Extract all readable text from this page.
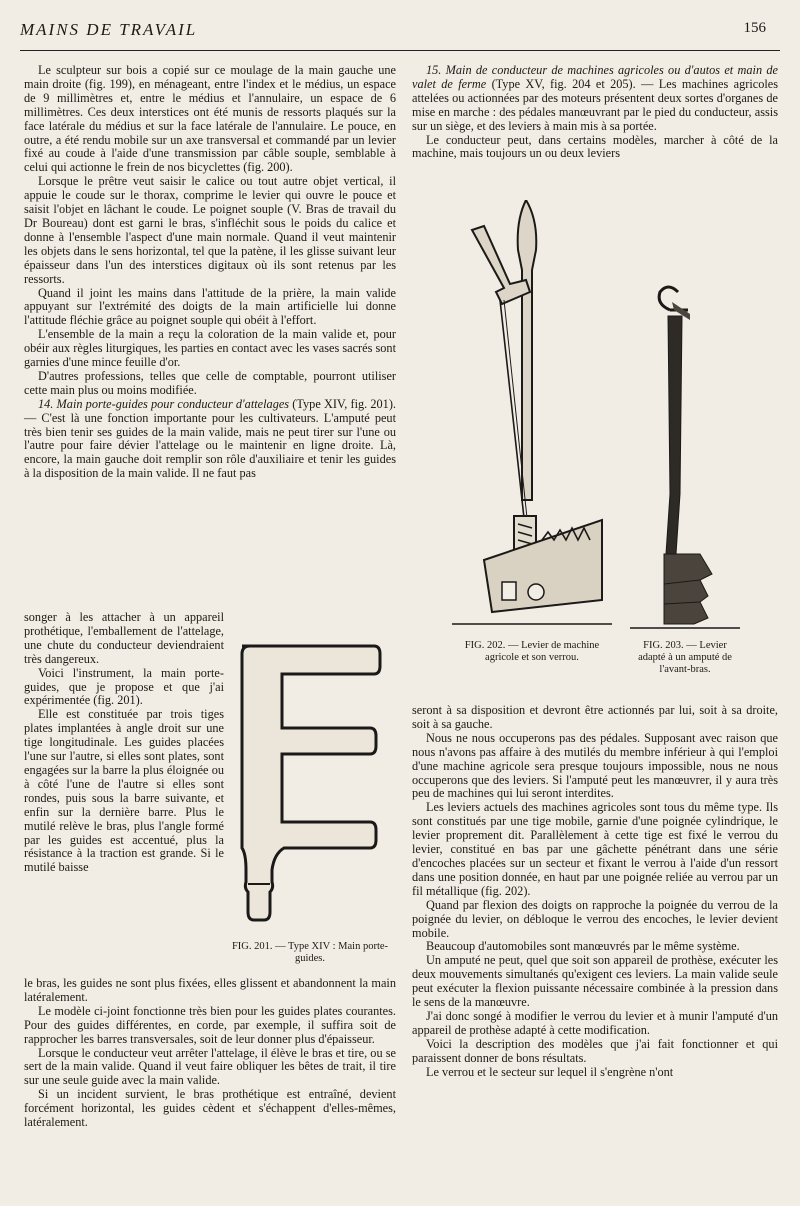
MAINS DE TRAVAIL	156

Le sculpteur sur bois a copié sur ce moulage de la main gauche une main droite (fig. 199), en ménageant, entre l'index et le médius, un espace de 9 millimètres et, entre le médius et l'annulaire, un espace de 6 millimètres. Ces deux interstices ont été munis de ressorts plaqués sur la face latérale du médius et sur la face latérale de l'annulaire. Le pouce, en outre, a été rendu mobile sur un axe transversal et commandé par un levier fixé au coude à l'aide d'une transmission par câble souple, semblable à celui qui actionne le frein de nos bicyclettes (fig. 200).

Lorsque le prêtre veut saisir le calice ou tout autre objet vertical, il appuie le coude sur le thorax, comprime le levier qui ouvre le pouce et saisit l'objet en lâchant le coude. Le poignet souple (V. Bras de travail du Dr Boureau) dont est garni le bras, s'infléchit sous le poids du calice et donne à l'ensemble l'aspect d'une main normale. Quand il veut maintenir les objets dans le sens horizontal, tel que la patène, il les glisse suivant leur épaisseur dans l'un des interstices digitaux où ils sont retenus par les ressorts.

Quand il joint les mains dans l'attitude de la prière, la main valide appuyant sur l'extrémité des doigts de la main artificielle lui donne l'attitude fléchie grâce au poignet souple qui obéit à l'effort.

L'ensemble de la main a reçu la coloration de la main valide et, pour obéir aux règles liturgiques, les parties en contact avec les vases sacrés sont garnies d'une mince feuille d'or.

D'autres professions, telles que celle de comptable, pourront utiliser cette main plus ou moins modifiée.

14. Main porte-guides pour conducteur d'attelages (Type XIV, fig. 201). — C'est là une fonction importante pour les cultivateurs. L'amputé peut très bien tenir ses guides de la main valide, mais ne peut tirer sur l'une ou l'autre pour faire dévier l'attelage ou le maintenir en ligne droite. Là, encore, la main gauche doit remplir son rôle d'auxiliaire et tenir les guides à la disposition de la main valide. Il ne faut pas

songer à les attacher à un appareil prothétique, l'emballement de l'attelage, une chute du conducteur deviendraient très dangereux.

Voici l'instrument, la main porte-guides, que je propose et que j'ai expérimentée (fig. 201).

Elle est constituée par trois tiges plates implantées à angle droit sur une tige longitudinale. Les guides placées l'une sur l'autre, si elles sont plates, sont engagées sur la barre la plus éloignée ou à côté l'une de l'autre si elles sont rondes, puis sous la barre suivante, et enfin sur la dernière barre. Plus le mutilé relève le bras, plus l'angle formé par les guides est accentué, plus la résistance à la traction est grande. Si le mutilé baisse

FIG. 201. — Type XIV : Main porte-guides.

le bras, les guides ne sont plus fixées, elles glissent et abandonnent la main latéralement.

Le modèle ci-joint fonctionne très bien pour les guides plates courantes. Pour des guides différentes, en corde, par exemple, il suffira soit de rapprocher les barres transversales, soit de leur donner plus d'épaisseur.

Lorsque le conducteur veut arrêter l'attelage, il élève le bras et tire, ou se sert de la main valide. Quand il veut faire obliquer les bêtes de trait, il tire sur une seule guide avec la main valide.

Si un incident survient, le bras prothétique est entraîné, devient forcément horizontal, les guides cèdent et s'échappent d'elles-mêmes, latéralement.

15. Main de conducteur de machines agricoles ou d'autos et main de valet de ferme (Type XV, fig. 204 et 205). — Les machines agricoles attelées ou actionnées par des moteurs présentent deux sortes d'organes de mise en marche : des pédales manœuvrant par le pied du conducteur, assis sur un siège, et des leviers à main mis à sa portée.

Le conducteur peut, dans certains modèles, marcher à côté de la machine, mais toujours un ou deux leviers

FIG. 202. — Levier de machine agricole et son verrou.
FIG. 203. — Levier adapté à un amputé de l'avant-bras.

seront à sa disposition et devront être actionnés par lui, soit à sa droite, soit à sa gauche.

Nous ne nous occuperons pas des pédales. Supposant avec raison que nous n'avons pas affaire à des mutilés du membre inférieur à qui l'emploi d'une machine agricole sera presque toujours impossible, nous ne nous occuperons que des leviers. Si l'amputé peut les manœuvrer, il y aura très peu de machines qui lui seront interdites.

Les leviers actuels des machines agricoles sont tous du même type. Ils sont constitués par une tige mobile, garnie d'une poignée cylindrique, le levier proprement dit. Parallèlement à cette tige est fixé le verrou du levier, constitué en bas par une gâchette pénétrant dans une série d'encoches placées sur un secteur et fixant le verrou à l'aide d'un ressort dans une position donnée, en haut par une poignée reliée au verrou par un fil métallique (fig. 202).

Quand par flexion des doigts on rapproche la poignée du verrou de la poignée du levier, on débloque le verrou des encoches, le levier devient mobile.

Beaucoup d'automobiles sont manœuvrés par le même système.

Un amputé ne peut, quel que soit son appareil de prothèse, exécuter les deux mouvements simultanés qu'exigent ces leviers. La main valide seule peut exécuter la flexion puissante nécessaire combinée à la pression dans le sens de la manœuvre.

J'ai donc songé à modifier le verrou du levier et à munir l'amputé d'un appareil de prothèse adapté à cette modification.

Voici la description des modèles que j'ai fait fonctionner et qui paraissent donner de bons résultats.

Le verrou et le secteur sur lequel il s'engrène n'ont
